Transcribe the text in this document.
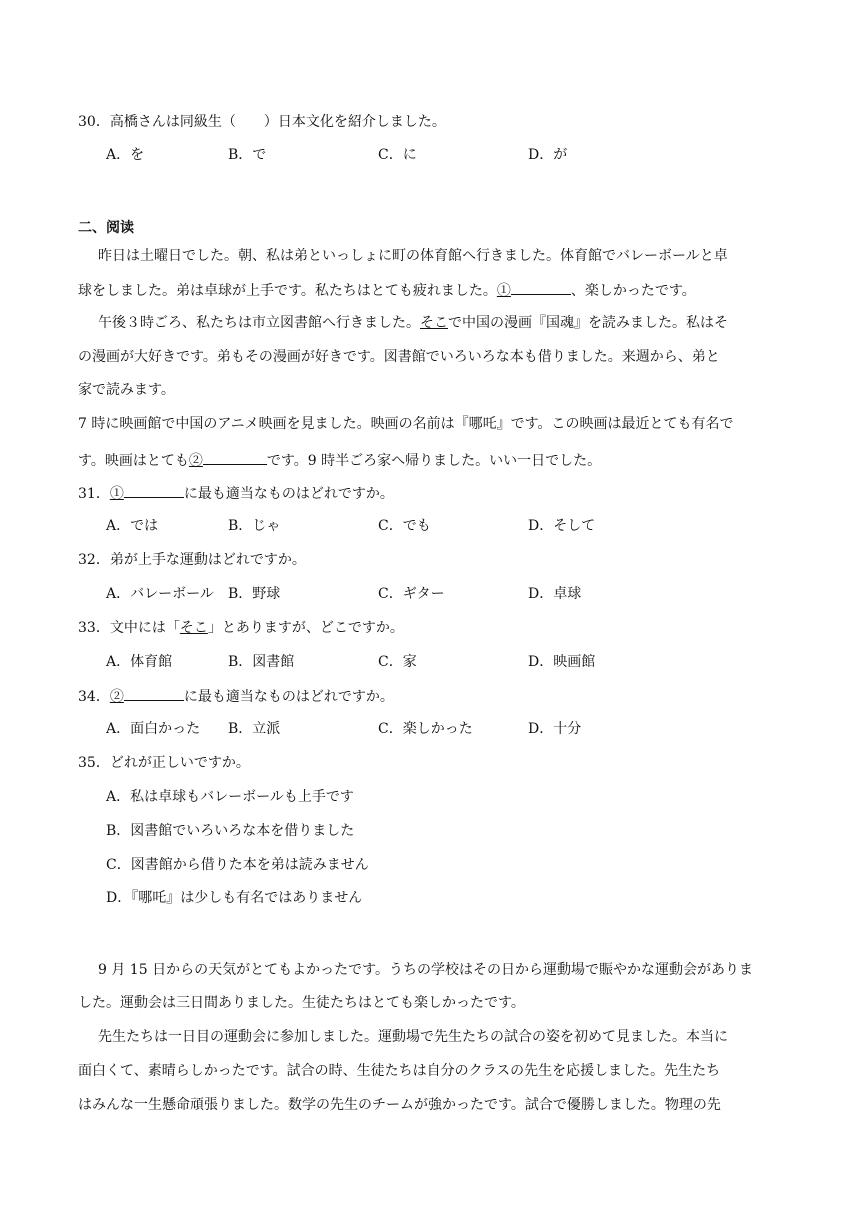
30．高橋さんは同級生（　　）日本文化を紹介しました。
A．を	B．で	C．に	D．が
二、阅读
昨日は土曜日でした。朝、私は弟といっしょに町の体育館へ行きました。体育館でバレーボールと卓
球をしました。弟は卓球が上手です。私たちはとても疲れました。①	、楽しかったです。
午後３時ごろ、私たちは市立図書館へ行きました。そこで中国の漫画『国魂』を読みました。私はそ
の漫画が大好きです。弟もその漫画が好きです。図書館でいろいろな本も借りました。来週から、弟と
家で読みます。
7 時に映画館で中国のアニメ映画を見ました。映画の名前は『哪吒』です。この映画は最近とても有名で
す。映画はとても②	です。9 時半ごろ家へ帰りました。いい一日でした。
31．①	に最も適当なものはどれですか。
A．では	B．じゃ	C．でも	D．そして
32．弟が上手な運動はどれですか。
A．バレーボール B．野球	C．ギター	D．卓球
33．文中には「そこ」とありますが、どこですか。
A．体育館	B．図書館	C．家	D．映画館
34．②	に最も適当なものはどれですか。
A．面白かった B．立派	C．楽しかった	D．十分
35．どれが正しいですか。
A．私は卓球もバレーボールも上手です
B．図書館でいろいろな本を借りました
C．図書館から借りた本を弟は読みません
D．『哪吒』は少しも有名ではありません
9 月 15 日からの天気がとてもよかったです。うちの学校はその日から運動場で賑やかな運動会がありま
した。運動会は三日間ありました。生徒たちはとても楽しかったです。
先生たちは一日目の運動会に参加しました。運動場で先生たちの試合の姿を初めて見ました。本当に
面白くて、素晴らしかったです。試合の時、生徒たちは自分のクラスの先生を応援しました。先生たち
はみんな一生懸命頑張りました。数学の先生のチームが強かったです。試合で優勝しました。物理の先
